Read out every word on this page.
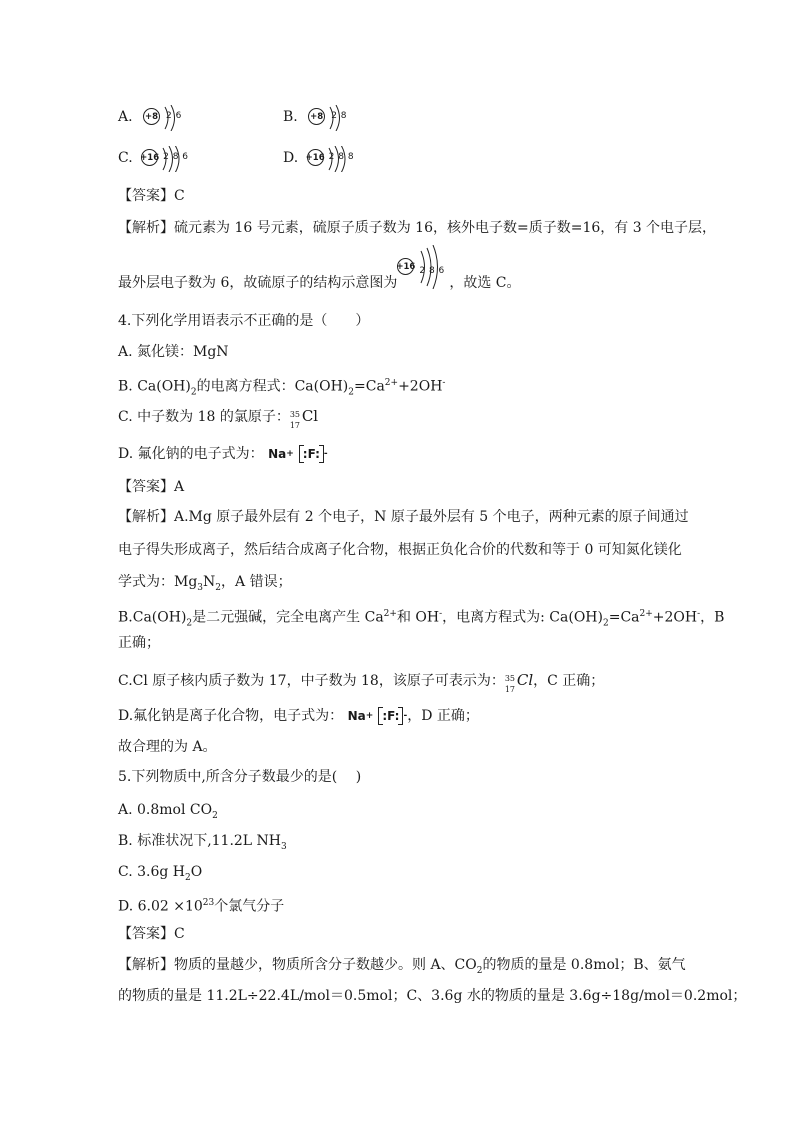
A. +8 2 6	B. +8 2 8
C. +16 2 8 6	D. +16 2 8 8
【答案】C
【解析】硫元素为 16 号元素，硫原子质子数为 16，核外电子数=质子数=16，有 3 个电子层，
最外层电子数为 6，故硫原子的结构示意图为
+16 2 8 6
，故选 C。
4.下列化学用语表示不正确的是（　　）
A. 氮化镁：MgN
B. $Ca(OH)_2$的电离方程式：$Ca(OH)_2=Ca^{2+}+2OH^-$
C. 中子数为 18 的氯原子： 35
17
Cl
D. 氟化钠的电子式为： Na + :F: -
【答案】A
【解析】A.Mg 原子最外层有 2 个电子，N 原子最外层有 5 个电子，两种元素的原子间通过
电子得失形成离子，然后结合成离子化合物，根据正负化合价的代数和等于 0 可知氮化镁化
学式为：$Mg_3N_2$，A 错误；
$B.Ca(OH)_2$是二元强碱，完全电离产生 $Ca^{2+}$和 OH-，电离方程式为: $Ca(OH)_2=Ca^{2+}+2OH^-$，B
正确；
C.Cl 原子核内质子数为 17，中子数为 18，该原子可表示为： 35
17
Cl，C 正确；
D.氟化钠是离子化合物，电子式为： Na + :F: - ，D 正确；
故合理的为 A。
5.下列物质中,所含分子数最少的是(　 )
A. 0.8mol $CO_2$
B. 标准状况下,11.2L $NH_3$
C. 3.6g $H_2O$
D. $6.02 \times 10^{23}$个氯气分子
【答案】C
【解析】物质的量越少，物质所含分子数越少。则 A、$CO_2$的物质的量是 0.8mol；B、氨气
的物质的量是 11.2L÷22.4L/mol＝0.5mol；C、3.6g 水的物质的量是 3.6g÷18g/mol＝0.2mol；
